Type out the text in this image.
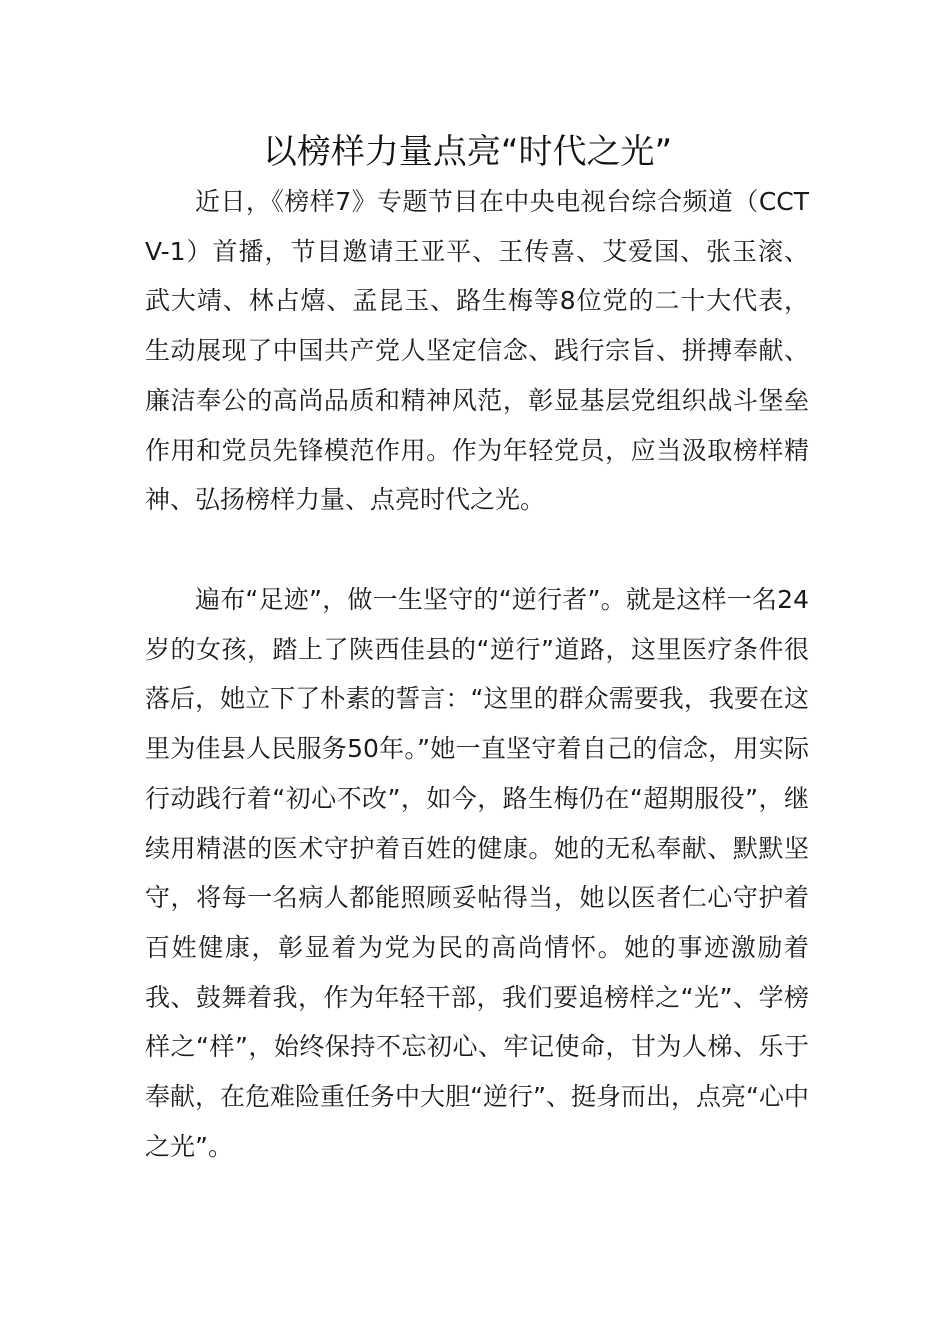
以榜样力量点亮“时代之光”

近日，《榜样7》专题节目在中央电视台综合频道（CCTV-1）首播，节目邀请王亚平、王传喜、艾爱国、张玉滚、武大靖、林占熺、孟昆玉、路生梅等8位党的二十大代表，生动展现了中国共产党人坚定信念、践行宗旨、拼搏奉献、廉洁奉公的高尚品质和精神风范，彰显基层党组织战斗堡垒作用和党员先锋模范作用。作为年轻党员，应当汲取榜样精神、弘扬榜样力量、点亮时代之光。

遍布“足迹”，做一生坚守的“逆行者”。就是这样一名24岁的女孩，踏上了陕西佳县的“逆行”道路，这里医疗条件很落后，她立下了朴素的誓言：“这里的群众需要我，我要在这里为佳县人民服务50年。”她一直坚守着自己的信念，用实际行动践行着“初心不改”，如今，路生梅仍在“超期服役”，继续用精湛的医术守护着百姓的健康。她的无私奉献、默默坚守，将每一名病人都能照顾妥帖得当，她以医者仁心守护着百姓健康，彰显着为党为民的高尚情怀。她的事迹激励着我、鼓舞着我，作为年轻干部，我们要追榜样之“光”、学榜样之“样”，始终保持不忘初心、牢记使命，甘为人梯、乐于奉献，在危难险重任务中大胆“逆行”、挺身而出，点亮“心中之光”。
